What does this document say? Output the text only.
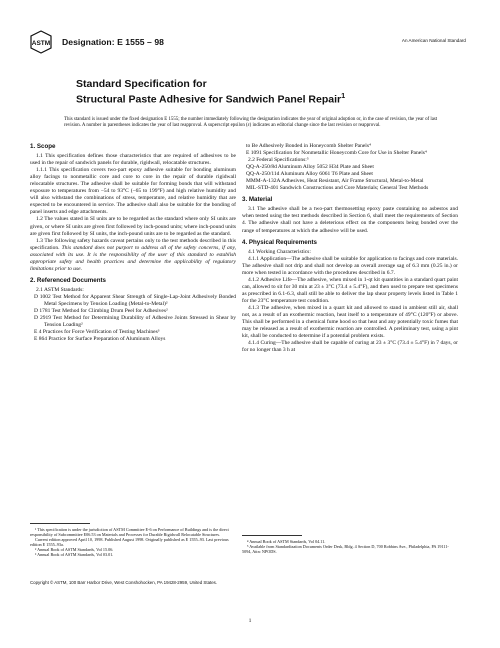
ASTM Designation: E 1555 – 98	An American National Standard
Standard Specification for
Structural Paste Adhesive for Sandwich Panel Repair$^1$
This standard is issued under the fixed designation E 1555; the number immediately following the designation indicates the year of original adoption or, in the case of revision, the year of last revision. A number in parentheses indicates the year of last reapproval. A superscript epsilon (ε) indicates an editorial change since the last revision or reapproval.
1. Scope

1.1 This specification defines those characteristics that are required of adhesives to be used in the repair of sandwich panels for durable, rigidwall, relocatable structures.

1.1.1 This specification covers two-part epoxy adhesive suitable for bonding aluminum alloy facings to nonmetallic core and core to core in the repair of durable rigidwall relocatable structures. The adhesive shall be suitable for forming bonds that will withstand exposure to temperatures from −54 to 93°C (−65 to 199°F) and high relative humidity and will also withstand the combinations of stress, temperature, and relative humidity that are expected to be encountered in service. The adhesive shall also be suitable for the bonding of panel inserts and edge attachments.

1.2 The values stated in SI units are to be regarded as the standard where only SI units are given, or where SI units are given first followed by inch-pound units; where inch-pound units are given first followed by SI units, the inch-pound units are to be regarded as the standard.

1.3 The following safety hazards caveat pertains only to the test methods described in this specification. This standard does not purport to address all of the safety concerns, if any, associated with its use. It is the responsibility of the user of this standard to establish appropriate safety and health practices and determine the applicability of regulatory limitations prior to use.

2. Referenced Documents

2.1 ASTM Standards:

D 1002 Test Method for Apparent Shear Strength of Single-Lap-Joint Adhesively Bonded Metal Specimens by Tension Loading (Metal-to-Metal)²

D 1781 Test Method for Climbing Drum Peel for Adhesives²

D 2919 Test Method for Determining Durability of Adhesive Joints Stressed in Shear by Tension Loading²

E 4 Practices for Force Verification of Testing Machines³

E 864 Practice for Surface Preparation of Aluminum Alloys

¹ This specification is under the jurisdiction of ASTM Committee E-6 on Performance of Buildings and is the direct responsibility of Subcommittee E06.53 on Materials and Processes for Durable Rigidwall Relocatable Structures.

Current edition approved April 10, 1998. Published August 1998. Originally published as E 1555–93. Last previous edition E 1555–93a.

² Annual Book of ASTM Standards, Vol 15.06.

³ Annual Book of ASTM Standards, Vol 03.01.

to Be Adhesively Bonded in Honeycomb Shelter Panels⁴

E 1091 Specification for Nonmetallic Honeycomb Core for Use in Shelter Panels⁴

2.2 Federal Specifications:⁵

QQ-A-250/8d Aluminum Alloy 5052 H34 Plate and Sheet

QQ-A-250/11d Aluminum Alloy 6061 T6 Plate and Sheet

MMM-A-132A Adhesives, Heat Resistant, Air Frame Structural, Metal-to-Metal

MIL-STD-401 Sandwich Constructions and Core Materials; General Test Methods

3. Material

3.1 The adhesive shall be a two-part thermosetting epoxy paste containing no asbestos and when tested using the test methods described in Section 6, shall meet the requirements of Section 4. The adhesive shall not have a deleterious effect on the components being bonded over the range of temperatures at which the adhesive will be used.

4. Physical Requirements

4.1 Working Characteristics:

4.1.1 Application—The adhesive shall be suitable for application to facings and core materials. The adhesive shall not drip and shall not develop an overall average sag of 6.3 mm (0.25 in.) or more when tested in accordance with the procedures described in 6.7.

4.1.2 Adhesive Life—The adhesive, when mixed in 1-qt kit quantities in a standard quart paint can, allowed to sit for 30 min at 23 ± 3°C (73.4 ± 5.4°F), and then used to prepare test specimens as prescribed in 6.1-6.3, shall still be able to deliver the lap shear property levels listed in Table 1 for the 23°C temperature test condition.

4.1.3 The adhesive, when mixed in a quart kit and allowed to stand in ambient still air, shall not, as a result of an exothermic reaction, heat itself to a temperature of 49°C (120°F) or above. This shall be performed in a chemical fume hood so that heat and any potentially toxic fumes that may be released as a result of exothermic reaction are controlled. A preliminary test, using a pint kit, shall be conducted to determine if a potential problem exists.

4.1.4 Curing—The adhesive shall be capable of curing at 23 ± 3°C (73.4 ± 5.4°F) in 7 days, or for no longer than 3 h at

⁴ Annual Book of ASTM Standards, Vol 04.11.

⁵ Available from Standardization Documents Order Desk, Bldg. 4 Section D, 700 Robbins Ave., Philadelphia, PA 19111-5094, Attn: NPODS.

Copyright © ASTM, 100 Barr Harbor Drive, West Conshohocken, PA 19428-2959, United States.
1
